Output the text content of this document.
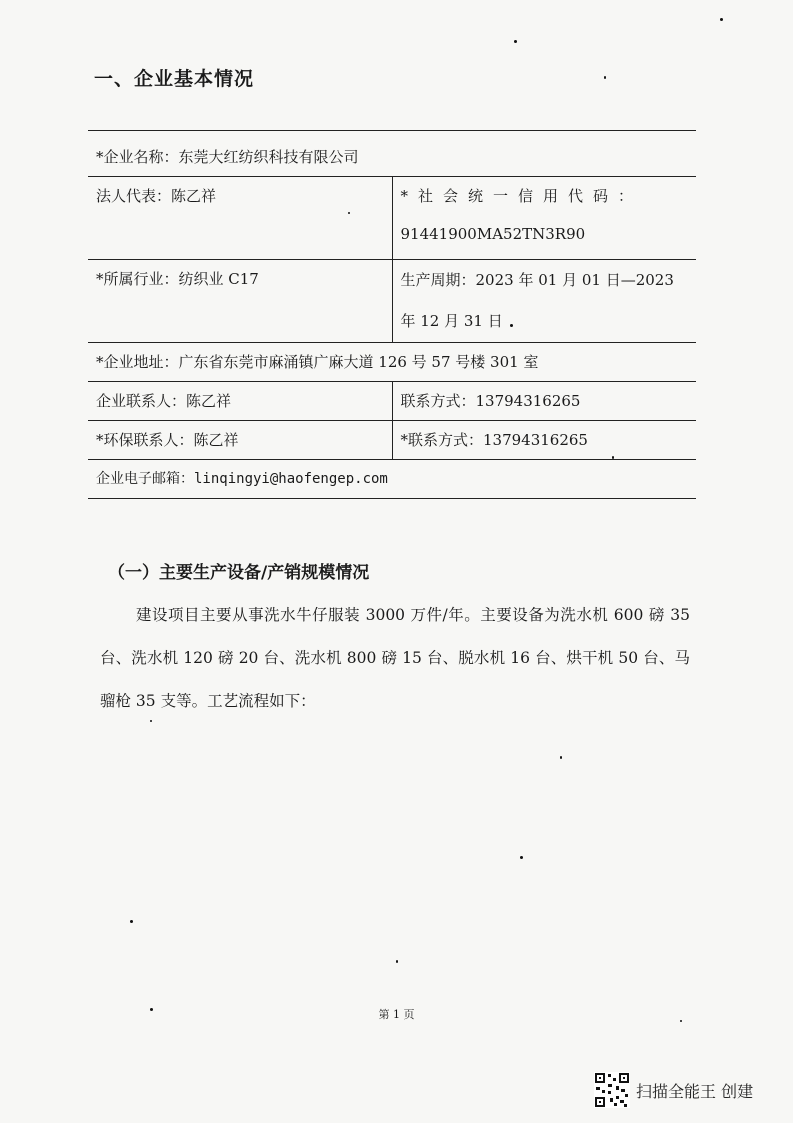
一、企业基本情况
*企业名称：东莞大红纺织科技有限公司	
法人代表：陈乙祥	*社会统一信用代码：
91441900MA52TN3R90

*所属行业：纺织业 C17	生产周期：2023 年 01 月 01 日—2023 年 12 月 31 日
*企业地址：广东省东莞市麻涌镇广麻大道 126 号 57 号楼 301 室	
企业联系人：陈乙祥	联系方式：13794316265
*环保联系人：陈乙祥	*联系方式：13794316265
企业电子邮箱：linqingyi@haofengep.com	
（一）主要生产设备/产销规模情况
建设项目主要从事洗水牛仔服装 3000 万件/年。主要设备为洗水机 600 磅 35 台、洗水机 120 磅 20 台、洗水机 800 磅 15 台、脱水机 16 台、烘干机 50 台、马骝枪 35 支等。工艺流程如下：
第 1 页
扫描全能王 创建
